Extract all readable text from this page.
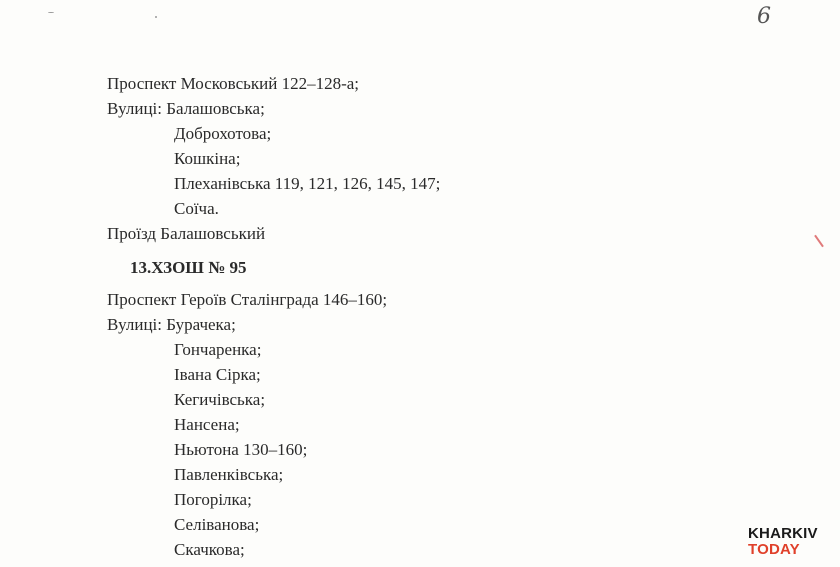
6
Проспект Московський 122–128-а;
Вулиці: Балашовська;
Доброхотова;
Кошкіна;
Плеханівська 119, 121, 126, 145, 147;
Соїча.
Проїзд Балашовський
13.ХЗОШ № 95
Проспект Героїв Сталінграда 146–160;
Вулиці: Бурачека;
Гончаренка;
Івана Сірка;
Кегичівська;
Нансена;
Ньютона 130–160;
Павленківська;
Погорілка;
Селіванова;
Скачкова;
KHARKIV
TODAY
